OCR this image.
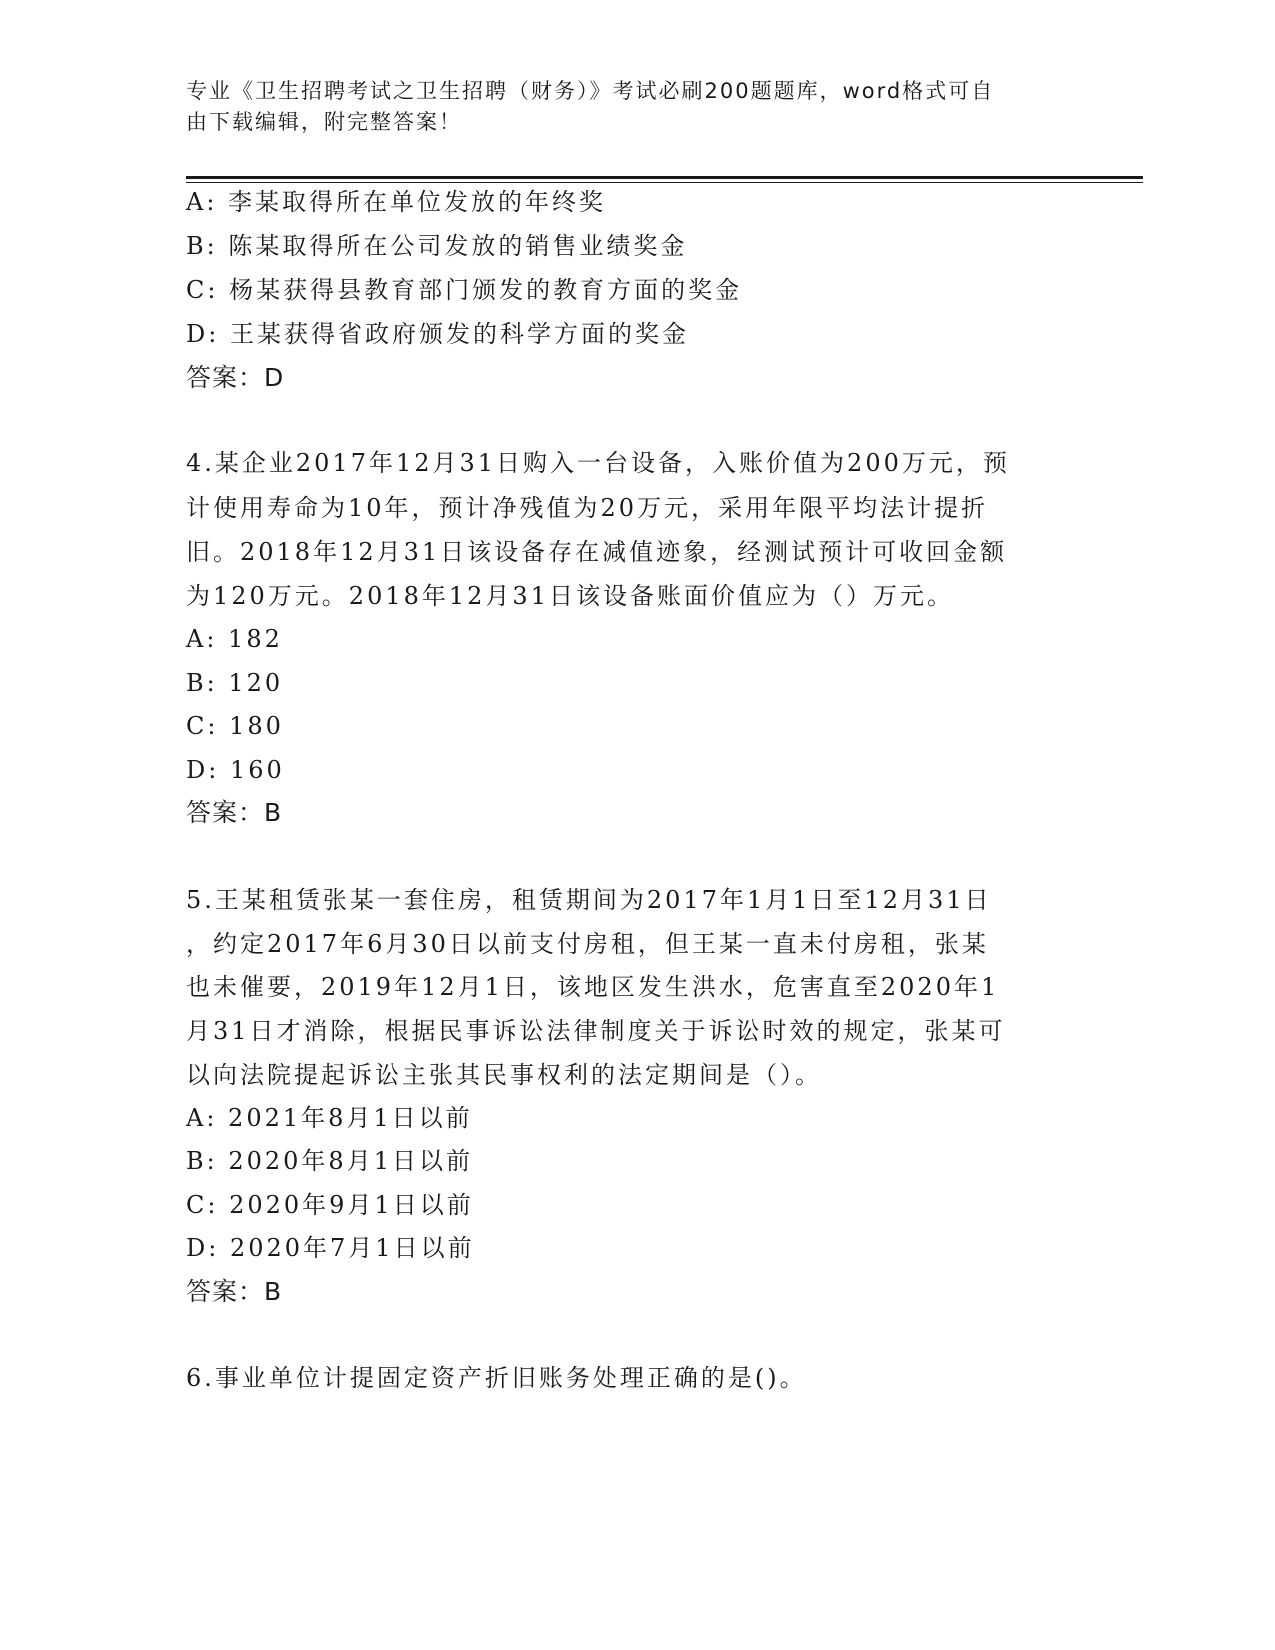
专业《卫生招聘考试之卫生招聘（财务）》考试必刷200题题库，word格式可自
由下载编辑，附完整答案！
A: 李某取得所在单位发放的年终奖
B: 陈某取得所在公司发放的销售业绩奖金
C: 杨某获得县教育部门颁发的教育方面的奖金
D: 王某获得省政府颁发的科学方面的奖金
答案：D
4.某企业2017年12月31日购入一台设备，入账价值为200万元，预
计使用寿命为10年，预计净残值为20万元，采用年限平均法计提折
旧。2018年12月31日该设备存在减值迹象，经测试预计可收回金额
为120万元。2018年12月31日该设备账面价值应为（）万元。
A: 182
B: 120
C: 180
D: 160
答案：B
5.王某租赁张某一套住房，租赁期间为2017年1月1日至12月31日
，约定2017年6月30日以前支付房租，但王某一直未付房租，张某
也未催要，2019年12月1日，该地区发生洪水，危害直至2020年1
月31日才消除，根据民事诉讼法律制度关于诉讼时效的规定，张某可
以向法院提起诉讼主张其民事权利的法定期间是（）。
A: 2021年8月1日以前
B: 2020年8月1日以前
C: 2020年9月1日以前
D: 2020年7月1日以前
答案：B
6.事业单位计提固定资产折旧账务处理正确的是()。
